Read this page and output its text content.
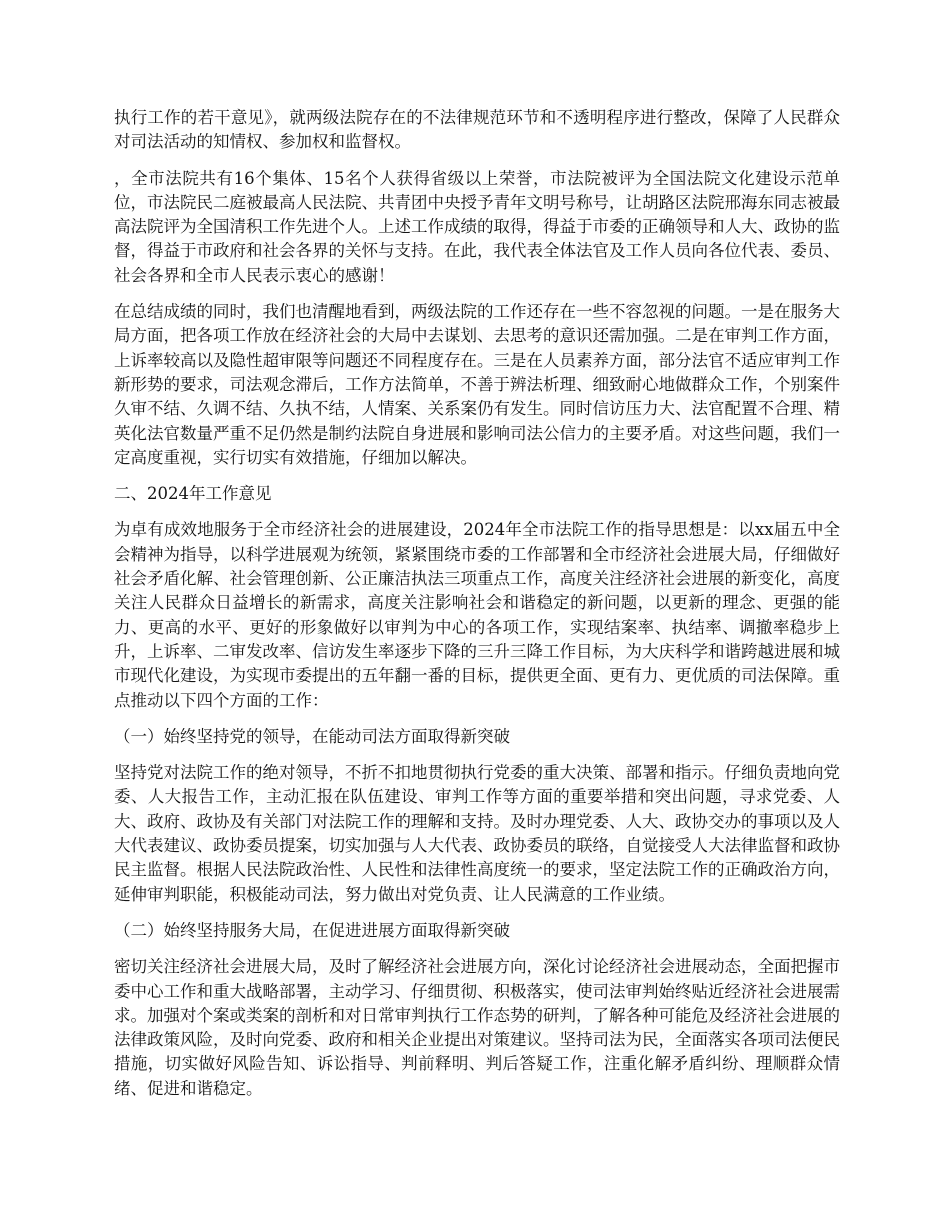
执行工作的若干意见》，就两级法院存在的不法律规范环节和不透明程序进行整改，保障了人民群众对司法活动的知情权、参加权和监督权。

，全市法院共有16个集体、15名个人获得省级以上荣誉，市法院被评为全国法院文化建设示范单位，市法院民二庭被最高人民法院、共青团中央授予青年文明号称号，让胡路区法院邢海东同志被最高法院评为全国清积工作先进个人。上述工作成绩的取得，得益于市委的正确领导和人大、政协的监督，得益于市政府和社会各界的关怀与支持。在此，我代表全体法官及工作人员向各位代表、委员、社会各界和全市人民表示衷心的感谢！

在总结成绩的同时，我们也清醒地看到，两级法院的工作还存在一些不容忽视的问题。一是在服务大局方面，把各项工作放在经济社会的大局中去谋划、去思考的意识还需加强。二是在审判工作方面，上诉率较高以及隐性超审限等问题还不同程度存在。三是在人员素养方面，部分法官不适应审判工作新形势的要求，司法观念滞后，工作方法简单，不善于辨法析理、细致耐心地做群众工作，个别案件久审不结、久调不结、久执不结，人情案、关系案仍有发生。同时信访压力大、法官配置不合理、精英化法官数量严重不足仍然是制约法院自身进展和影响司法公信力的主要矛盾。对这些问题，我们一定高度重视，实行切实有效措施，仔细加以解决。

二、2024年工作意见

为卓有成效地服务于全市经济社会的进展建设，2024年全市法院工作的指导思想是：以xx届五中全会精神为指导，以科学进展观为统领，紧紧围绕市委的工作部署和全市经济社会进展大局，仔细做好社会矛盾化解、社会管理创新、公正廉洁执法三项重点工作，高度关注经济社会进展的新变化，高度关注人民群众日益增长的新需求，高度关注影响社会和谐稳定的新问题，以更新的理念、更强的能力、更高的水平、更好的形象做好以审判为中心的各项工作，实现结案率、执结率、调撤率稳步上升，上诉率、二审发改率、信访发生率逐步下降的三升三降工作目标，为大庆科学和谐跨越进展和城市现代化建设，为实现市委提出的五年翻一番的目标，提供更全面、更有力、更优质的司法保障。重点推动以下四个方面的工作：

（一）始终坚持党的领导，在能动司法方面取得新突破

坚持党对法院工作的绝对领导，不折不扣地贯彻执行党委的重大决策、部署和指示。仔细负责地向党委、人大报告工作，主动汇报在队伍建设、审判工作等方面的重要举措和突出问题，寻求党委、人大、政府、政协及有关部门对法院工作的理解和支持。及时办理党委、人大、政协交办的事项以及人大代表建议、政协委员提案，切实加强与人大代表、政协委员的联络，自觉接受人大法律监督和政协民主监督。根据人民法院政治性、人民性和法律性高度统一的要求，坚定法院工作的正确政治方向，延伸审判职能，积极能动司法，努力做出对党负责、让人民满意的工作业绩。

（二）始终坚持服务大局，在促进进展方面取得新突破

密切关注经济社会进展大局，及时了解经济社会进展方向，深化讨论经济社会进展动态，全面把握市委中心工作和重大战略部署，主动学习、仔细贯彻、积极落实，使司法审判始终贴近经济社会进展需求。加强对个案或类案的剖析和对日常审判执行工作态势的研判，了解各种可能危及经济社会进展的法律政策风险，及时向党委、政府和相关企业提出对策建议。坚持司法为民，全面落实各项司法便民措施，切实做好风险告知、诉讼指导、判前释明、判后答疑工作，注重化解矛盾纠纷、理顺群众情绪、促进和谐稳定。
